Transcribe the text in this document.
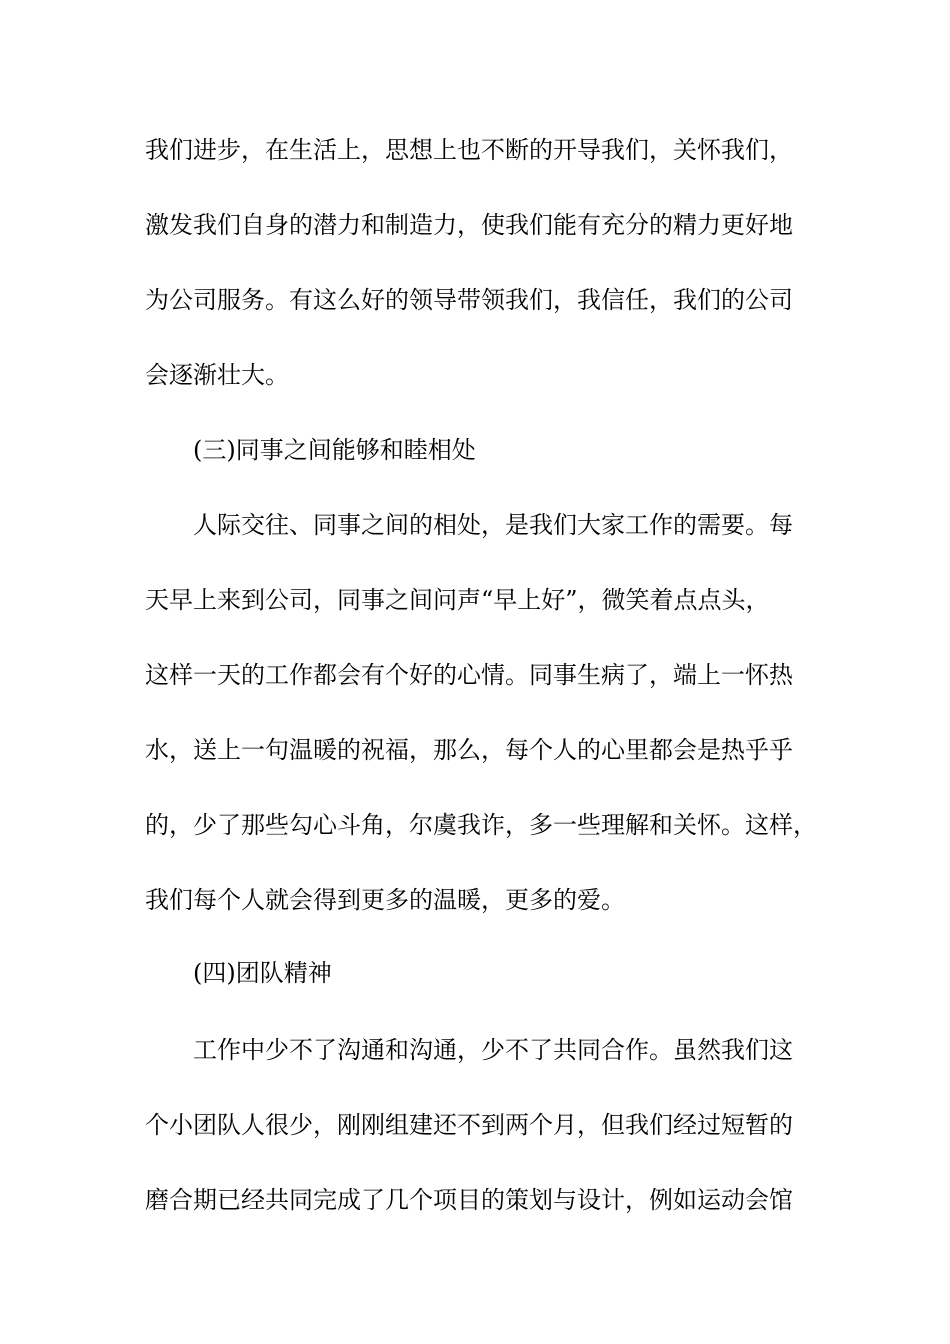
我们进步，在生活上，思想上也不断的开导我们，关怀我们，
激发我们自身的潜力和制造力，使我们能有充分的精力更好地
为公司服务。有这么好的领导带领我们，我信任，我们的公司
会逐渐壮大。
(三)同事之间能够和睦相处
人际交往、同事之间的相处，是我们大家工作的需要。每
天早上来到公司，同事之间问声“早上好”，微笑着点点头，
这样一天的工作都会有个好的心情。同事生病了，端上一怀热
水，送上一句温暖的祝福，那么，每个人的心里都会是热乎乎
的，少了那些勾心斗角，尔虞我诈，多一些理解和关怀。这样，
我们每个人就会得到更多的温暖，更多的爱。
(四)团队精神
工作中少不了沟通和沟通，少不了共同合作。虽然我们这
个小团队人很少，刚刚组建还不到两个月，但我们经过短暂的
磨合期已经共同完成了几个项目的策划与设计，例如运动会馆
